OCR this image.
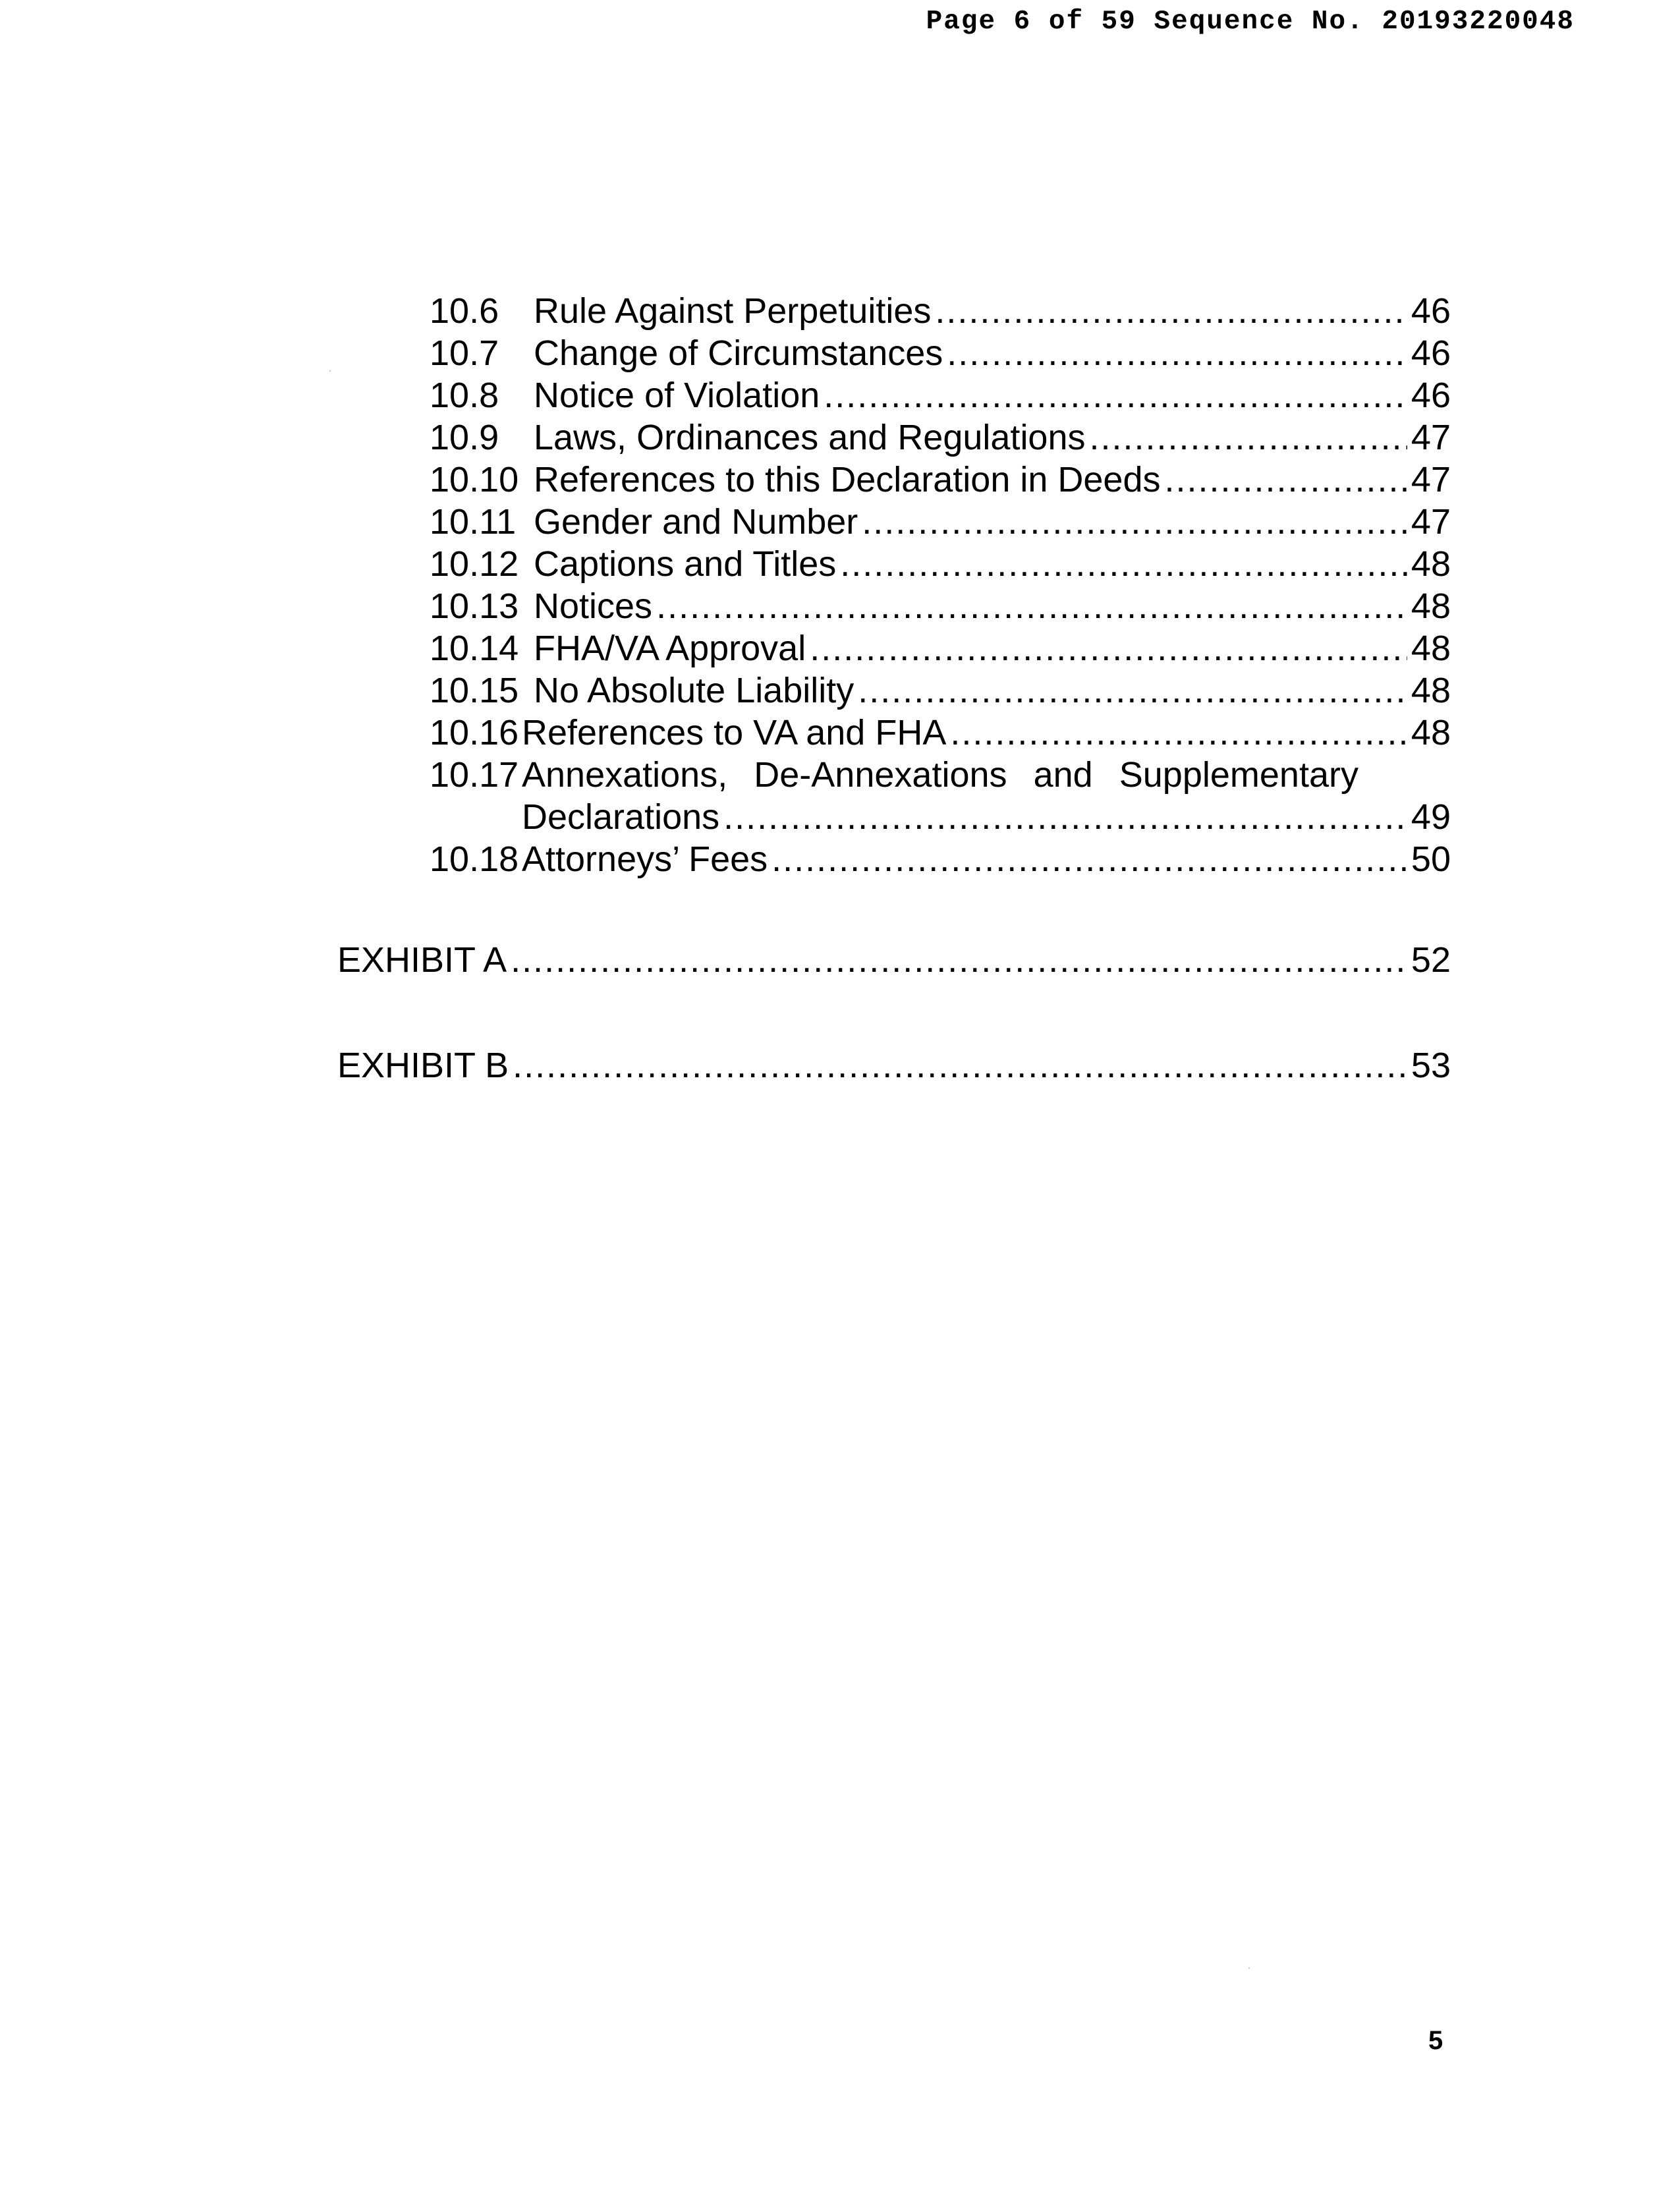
Page 6 of 59 Sequence No. 20193220048
10.6 Rule Against Perpetuities .....	46
10.7 Change of Circumstances .....	46
10.8 Notice of Violation .....	46
10.9 Laws, Ordinances and Regulations .....	47
10.10 References to this Declaration in Deeds .....	47
10.11 Gender and Number .....	47
10.12 Captions and Titles .....	48
10.13 Notices .....	48
10.14 FHA/VA Approval .....	48
10.15 No Absolute Liability .....	48
10.16 References to VA and FHA .....	48
10.17 Annexations, De-Annexations and Supplementary
Declarations .....	49
10.18 Attorneys’ Fees .....	50
EXHIBIT A .....	52
EXHIBIT B .....	53
5
